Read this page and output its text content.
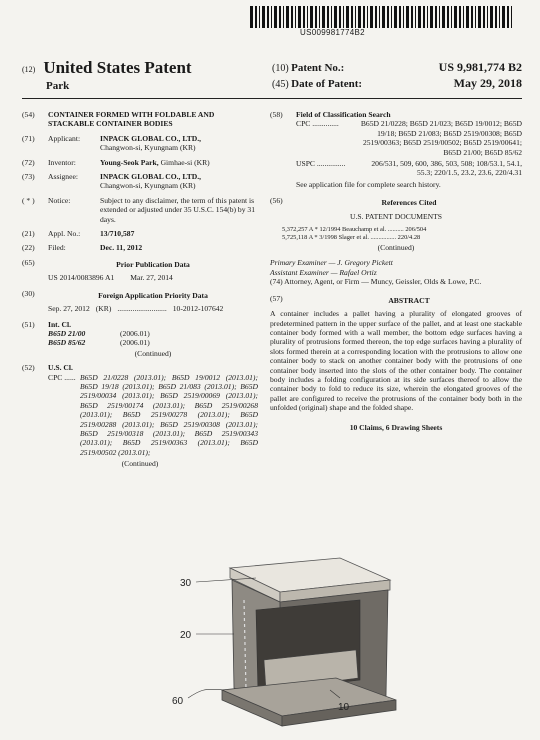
US009981774B2
(12) United States Patent
Park
(10) Patent No.:	US 9,981,774 B2
(45) Date of Patent:	May 29, 2018
(54)	CONTAINER FORMED WITH FOLDABLE AND STACKABLE CONTAINER BODIES
(71)	Applicant:	INPACK GLOBAL CO., LTD.,
Changwon-si, Kyungnam (KR)
(72)	Inventor:	Young-Seok Park, Gimhae-si (KR)
(73)	Assignee:	INPACK GLOBAL CO., LTD.,
Changwon-si, Kyungnam (KR)
( * )	Notice:	Subject to any disclaimer, the term of this patent is extended or adjusted under 35 U.S.C. 154(b) by 31 days.
(21)	Appl. No.:	13/710,587
(22)	Filed:	Dec. 11, 2012
(65)	Prior Publication Data
US 2014/0083896 A1 Mar. 27, 2014
(30)	Foreign Application Priority Data
Sep. 27, 2012 (KR) .......................... 10-2012-107642
(51)	Int. Cl.
B65D 21/00	(2006.01)
B65D 85/62	(2006.01)
(Continued)
(52)	U.S. Cl.
CPC ...... B65D 21/0228 (2013.01); B65D 19/0012 (2013.01); B65D 19/18 (2013.01); B65D 21/083 (2013.01); B65D 2519/00034 (2013.01); B65D 2519/00069 (2013.01); B65D 2519/00174 (2013.01); B65D 2519/00268 (2013.01); B65D 2519/00278 (2013.01); B65D 2519/00288 (2013.01); B65D 2519/00308 (2013.01); B65D 2519/00318 (2013.01); B65D 2519/00343 (2013.01); B65D 2519/00363 (2013.01); B65D 2519/00502 (2013.01);
(Continued)
(58)	Field of Classification Search
CPC ..............	B65D 21/0228; B65D 21/023; B65D 19/0012; B65D 19/18; B65D 21/083; B65D 2519/00308; B65D 2519/00363; B65D 2519/00502; B65D 2519/00641; B65D 21/00; B65D 85/62
USPC ...............	206/531, 509, 600, 386, 503, 508; 108/53.1, 54.1, 55.3; 220/1.5, 23.2, 23.6, 220/4.31
See application file for complete search history.
(56)	References Cited
U.S. PATENT DOCUMENTS
5,372,257 A * 12/1994 Beauchamp et al. .......... 206/504
5,725,118 A * 3/1998 Slager et al. ................ 220/4.28
(Continued)
Primary Examiner — J. Gregory Pickett
Assistant Examiner — Rafael Ortiz
(74) Attorney, Agent, or Firm — Muncy, Geissler, Olds & Lowe, P.C.
(57)	ABSTRACT
A container includes a pallet having a plurality of elongated grooves of predetermined pattern in the upper surface of the pallet, and at least one stackable container body formed with a wall member, the bottom edge surfaces having a plurality of protrusions formed thereon, the top edge surfaces having a plurality of slots formed therein at a corresponding location with the protrusions to allow one container body to stack on another container body with the protrusions of one container body inserted into the slots of the other container body. The container body includes a folding configuration at its side surfaces thereof to allow the container body to fold to reduce its size, wherein the elongated grooves of the pallet are configured to receive the protrusions of the container body both in the unfolded (original) shape and the folded shape.
10 Claims, 6 Drawing Sheets
30
20
60
10
